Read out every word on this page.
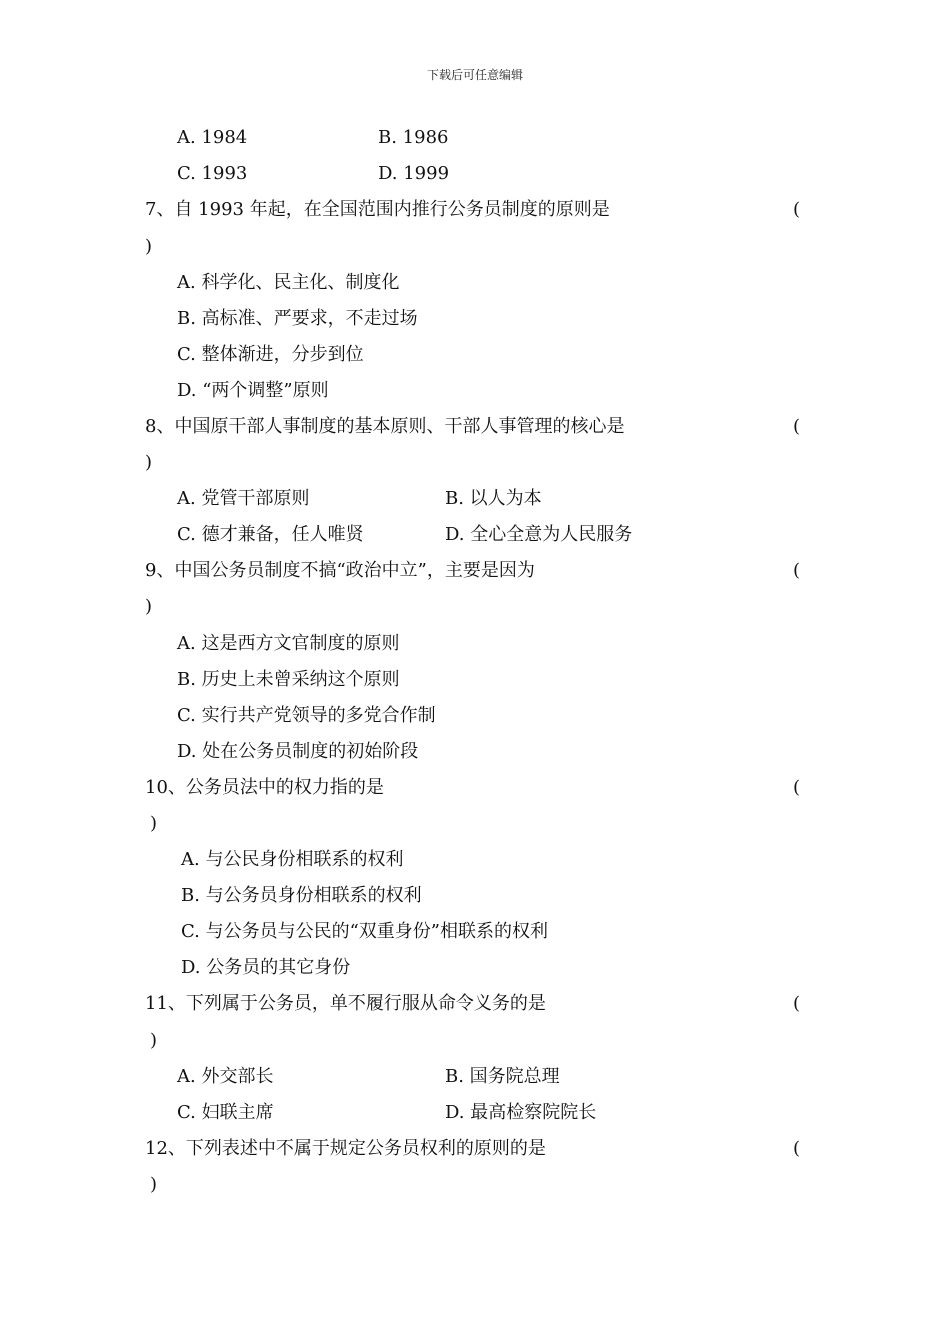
下载后可任意编辑
A. 1984	B. 1986
C. 1993	D. 1999
7、自 1993 年起，在全国范围内推行公务员制度的原则是	(
)
A. 科学化、民主化、制度化
B. 高标准、严要求，不走过场
C. 整体渐进，分步到位
D. “两个调整”原则
8、中国原干部人事制度的基本原则、干部人事管理的核心是	(
)
A. 党管干部原则	B. 以人为本
C. 德才兼备，任人唯贤	D. 全心全意为人民服务
9、中国公务员制度不搞“政治中立”，主要是因为	(
)
A. 这是西方文官制度的原则
B. 历史上未曾采纳这个原则
C. 实行共产党领导的多党合作制
D. 处在公务员制度的初始阶段
10、公务员法中的权力指的是	(
)
A. 与公民身份相联系的权利
B. 与公务员身份相联系的权利
C. 与公务员与公民的“双重身份”相联系的权利
D. 公务员的其它身份
11、下列属于公务员，单不履行服从命令义务的是	(
)
A. 外交部长	B. 国务院总理
C. 妇联主席	D. 最高检察院院长
12、下列表述中不属于规定公务员权利的原则的是	(
)
